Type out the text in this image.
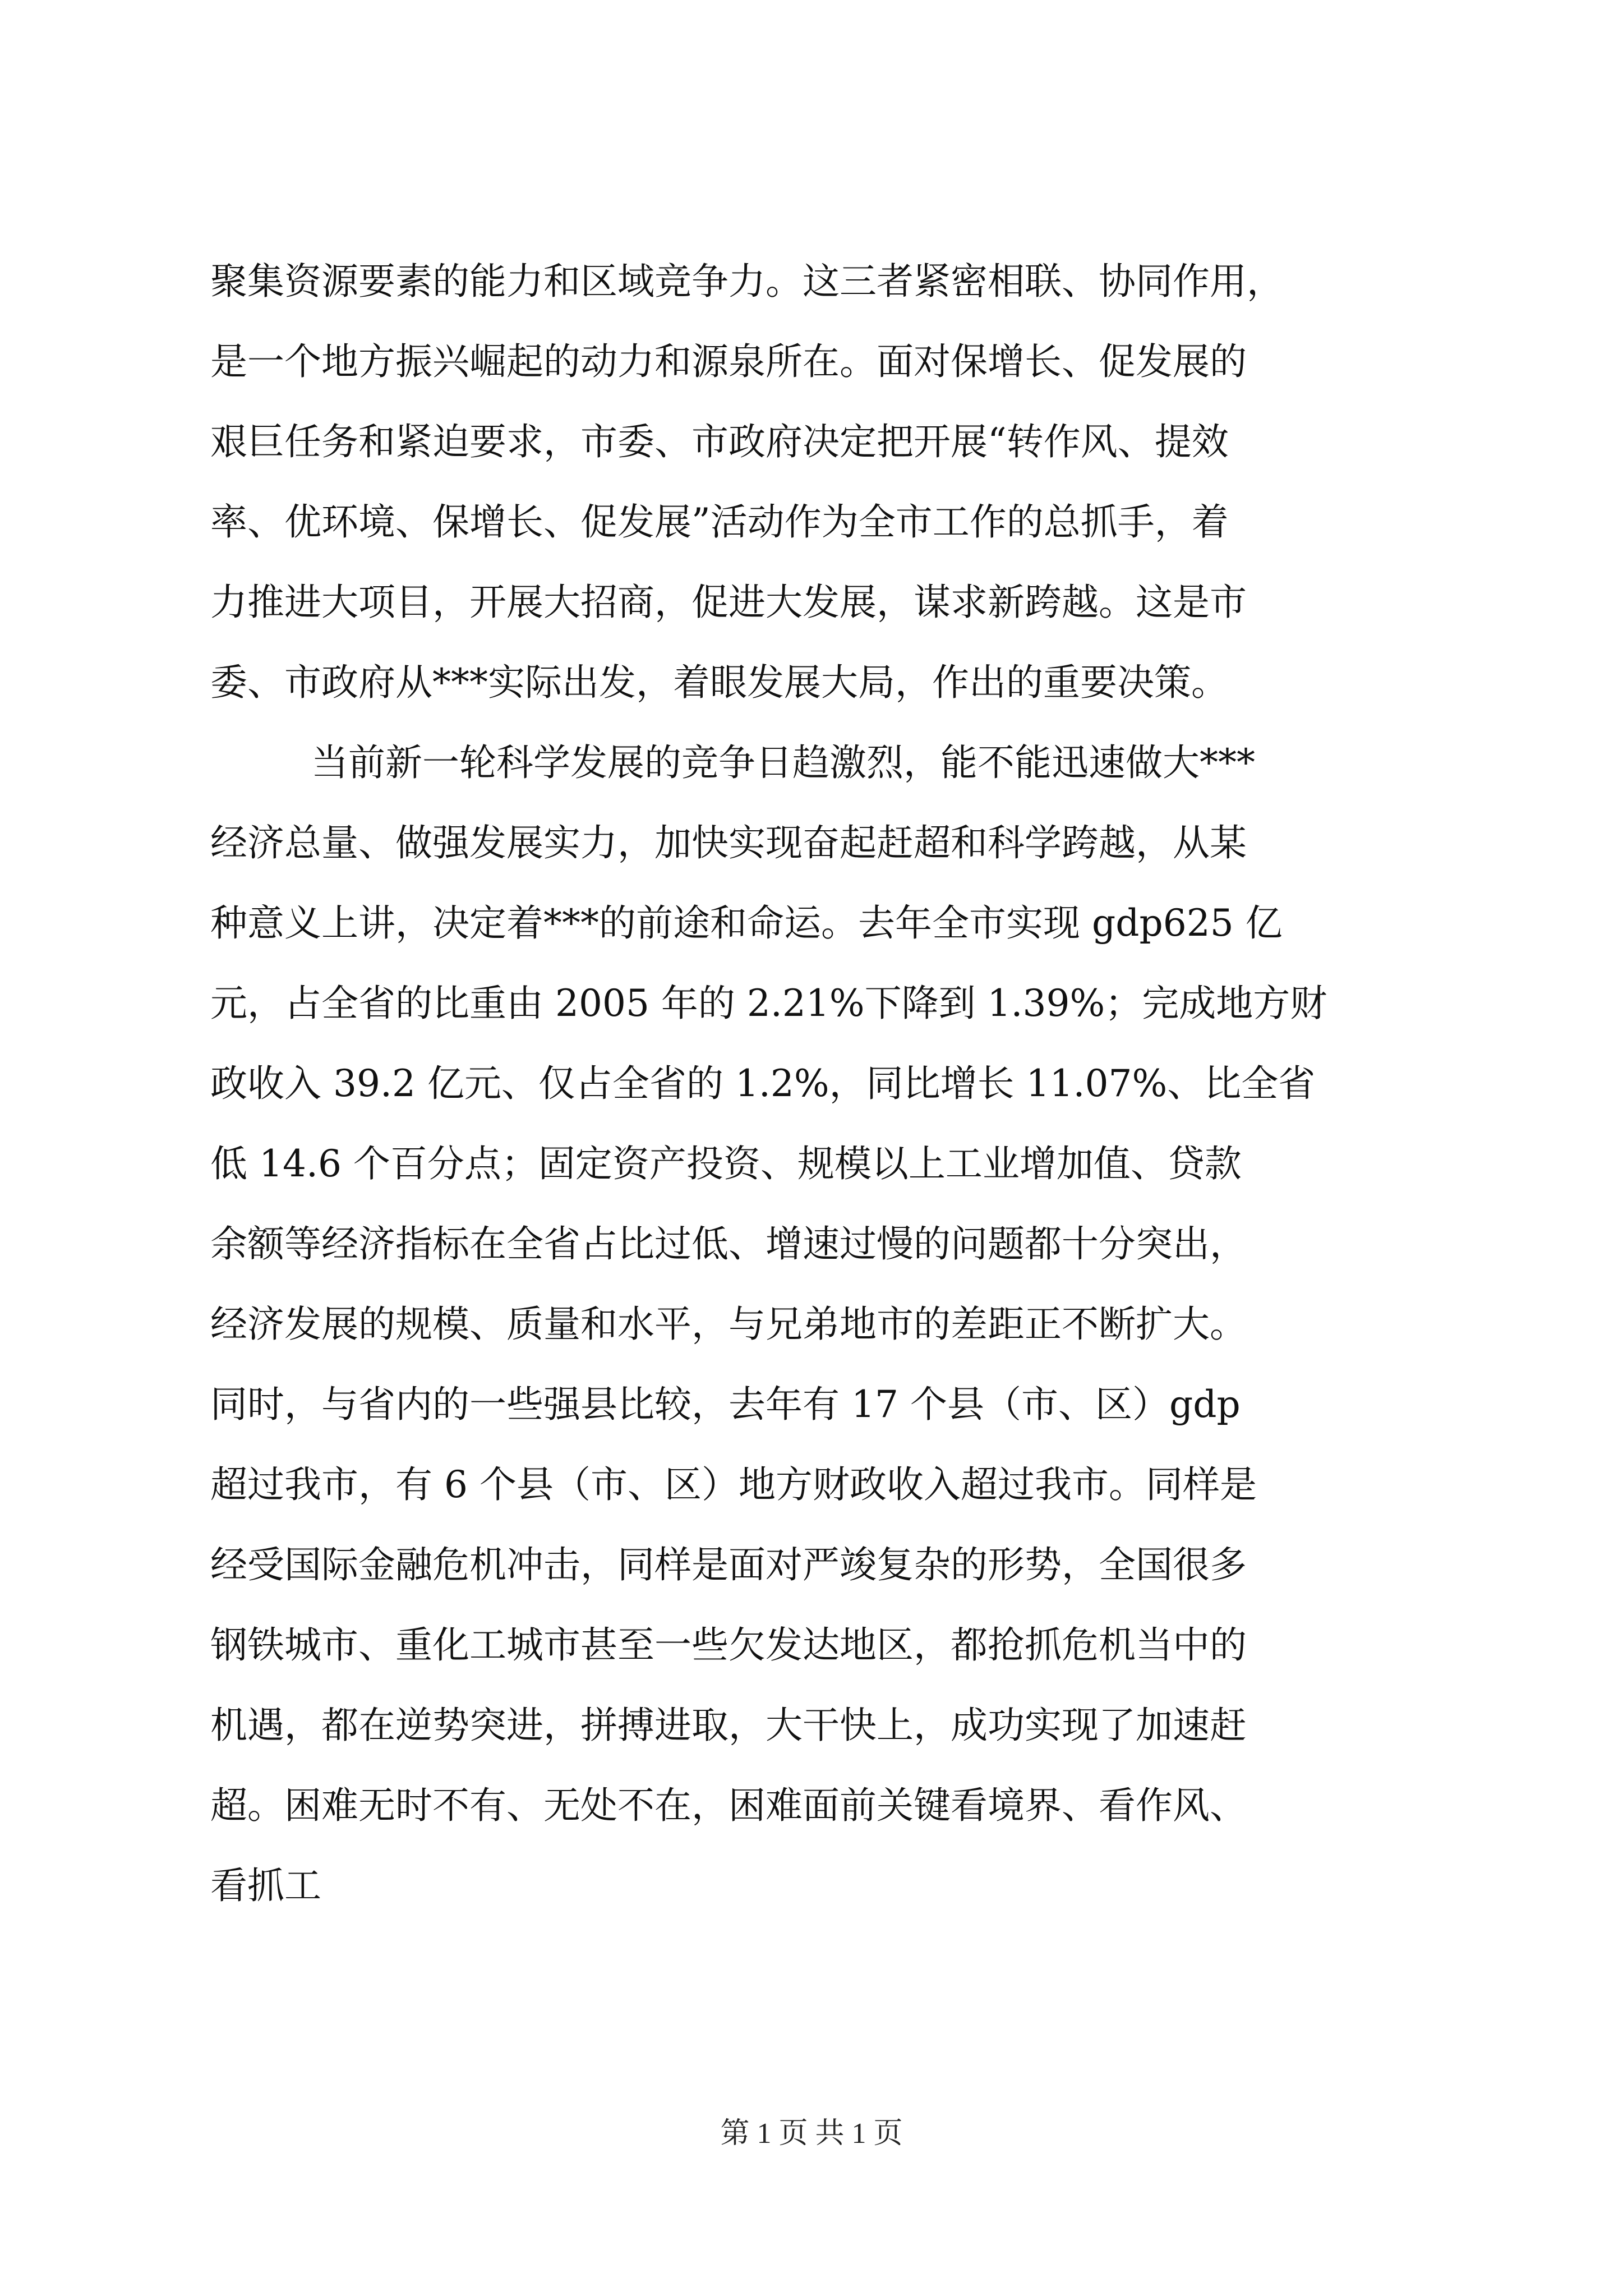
聚集资源要素的能力和区域竞争力。这三者紧密相联、协同作用，
是一个地方振兴崛起的动力和源泉所在。面对保增长、促发展的
艰巨任务和紧迫要求，市委、市政府决定把开展“转作风、提效
率、优环境、保增长、促发展”活动作为全市工作的总抓手，着
力推进大项目，开展大招商，促进大发展，谋求新跨越。这是市
委、市政府从***实际出发，着眼发展大局，作出的重要决策。
当前新一轮科学发展的竞争日趋激烈，能不能迅速做大***
经济总量、做强发展实力，加快实现奋起赶超和科学跨越，从某
种意义上讲，决定着***的前途和命运。去年全市实现 gdp625 亿
元，占全省的比重由 2005 年的 2.21%下降到 1.39%；完成地方财
政收入 39.2 亿元、仅占全省的 1.2%，同比增长 11.07%、比全省
低 14.6 个百分点；固定资产投资、规模以上工业增加值、贷款
余额等经济指标在全省占比过低、增速过慢的问题都十分突出，
经济发展的规模、质量和水平，与兄弟地市的差距正不断扩大。
同时，与省内的一些强县比较，去年有 17 个县（市、区）gdp
超过我市，有 6 个县（市、区）地方财政收入超过我市。同样是
经受国际金融危机冲击，同样是面对严竣复杂的形势，全国很多
钢铁城市、重化工城市甚至一些欠发达地区，都抢抓危机当中的
机遇，都在逆势突进，拼搏进取，大干快上，成功实现了加速赶
超。困难无时不有、无处不在，困难面前关键看境界、看作风、
看抓工
第 1 页 共 1 页
